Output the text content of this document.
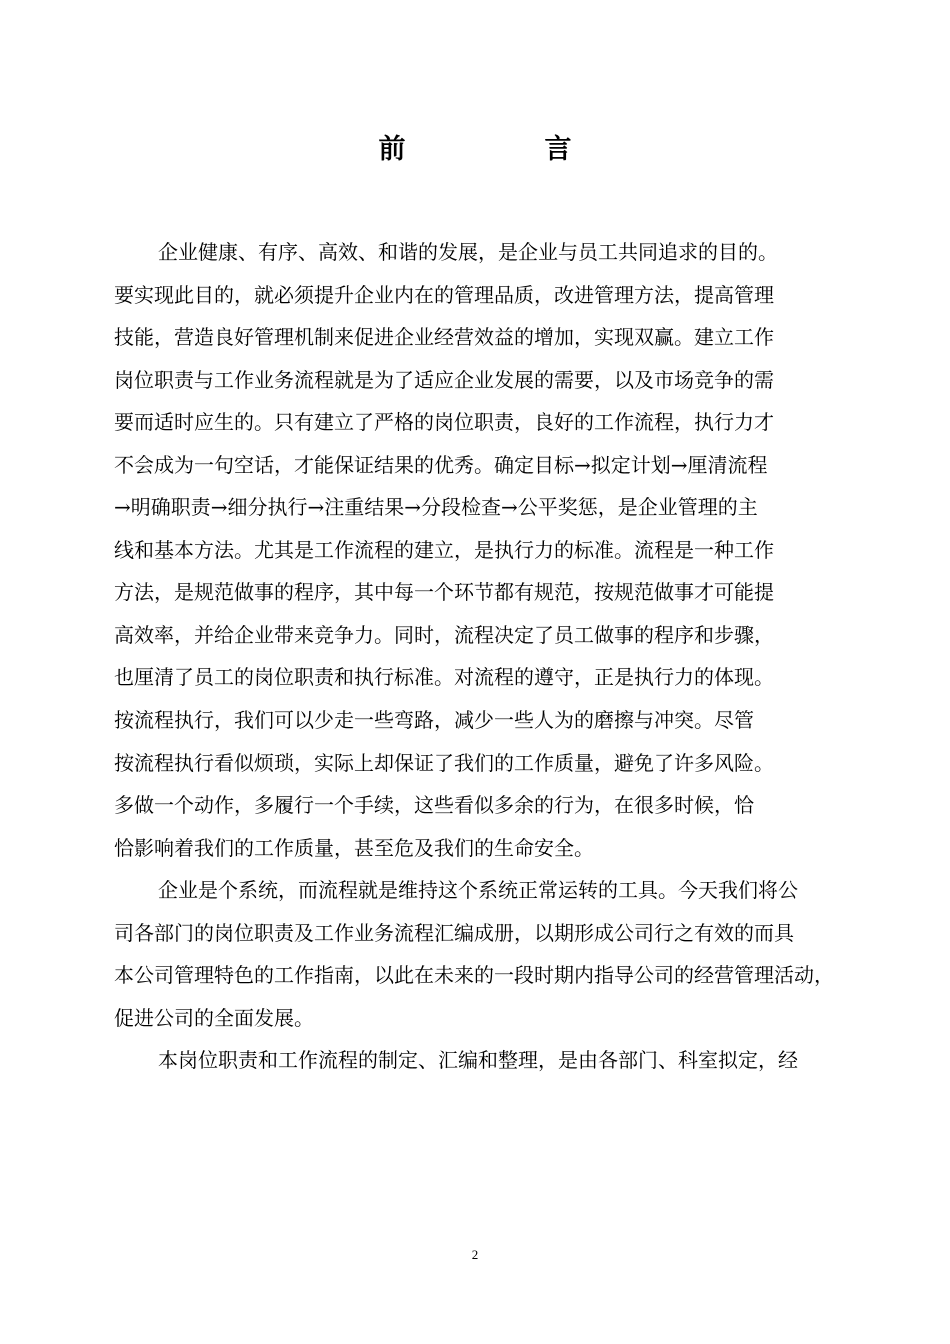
前　言
企业健康、有序、高效、和谐的发展，是企业与员工共同追求的目的。
要实现此目的，就必须提升企业内在的管理品质，改进管理方法，提高管理
技能，营造良好管理机制来促进企业经营效益的增加，实现双赢。建立工作
岗位职责与工作业务流程就是为了适应企业发展的需要，以及市场竞争的需
要而适时应生的。只有建立了严格的岗位职责，良好的工作流程，执行力才
不会成为一句空话，才能保证结果的优秀。确定目标→拟定计划→厘清流程
→明确职责→细分执行→注重结果→分段检查→公平奖惩，是企业管理的主
线和基本方法。尤其是工作流程的建立，是执行力的标准。流程是一种工作
方法，是规范做事的程序，其中每一个环节都有规范，按规范做事才可能提
高效率，并给企业带来竞争力。同时，流程决定了员工做事的程序和步骤，
也厘清了员工的岗位职责和执行标准。对流程的遵守，正是执行力的体现。
按流程执行，我们可以少走一些弯路，减少一些人为的磨擦与冲突。尽管
按流程执行看似烦琐，实际上却保证了我们的工作质量，避免了许多风险。
多做一个动作，多履行一个手续，这些看似多余的行为，在很多时候，恰
恰影响着我们的工作质量，甚至危及我们的生命安全。
企业是个系统，而流程就是维持这个系统正常运转的工具。今天我们将公
司各部门的岗位职责及工作业务流程汇编成册，以期形成公司行之有效的而具
本公司管理特色的工作指南，以此在未来的一段时期内指导公司的经营管理活动，
促进公司的全面发展。
本岗位职责和工作流程的制定、汇编和整理，是由各部门、科室拟定，经
2
